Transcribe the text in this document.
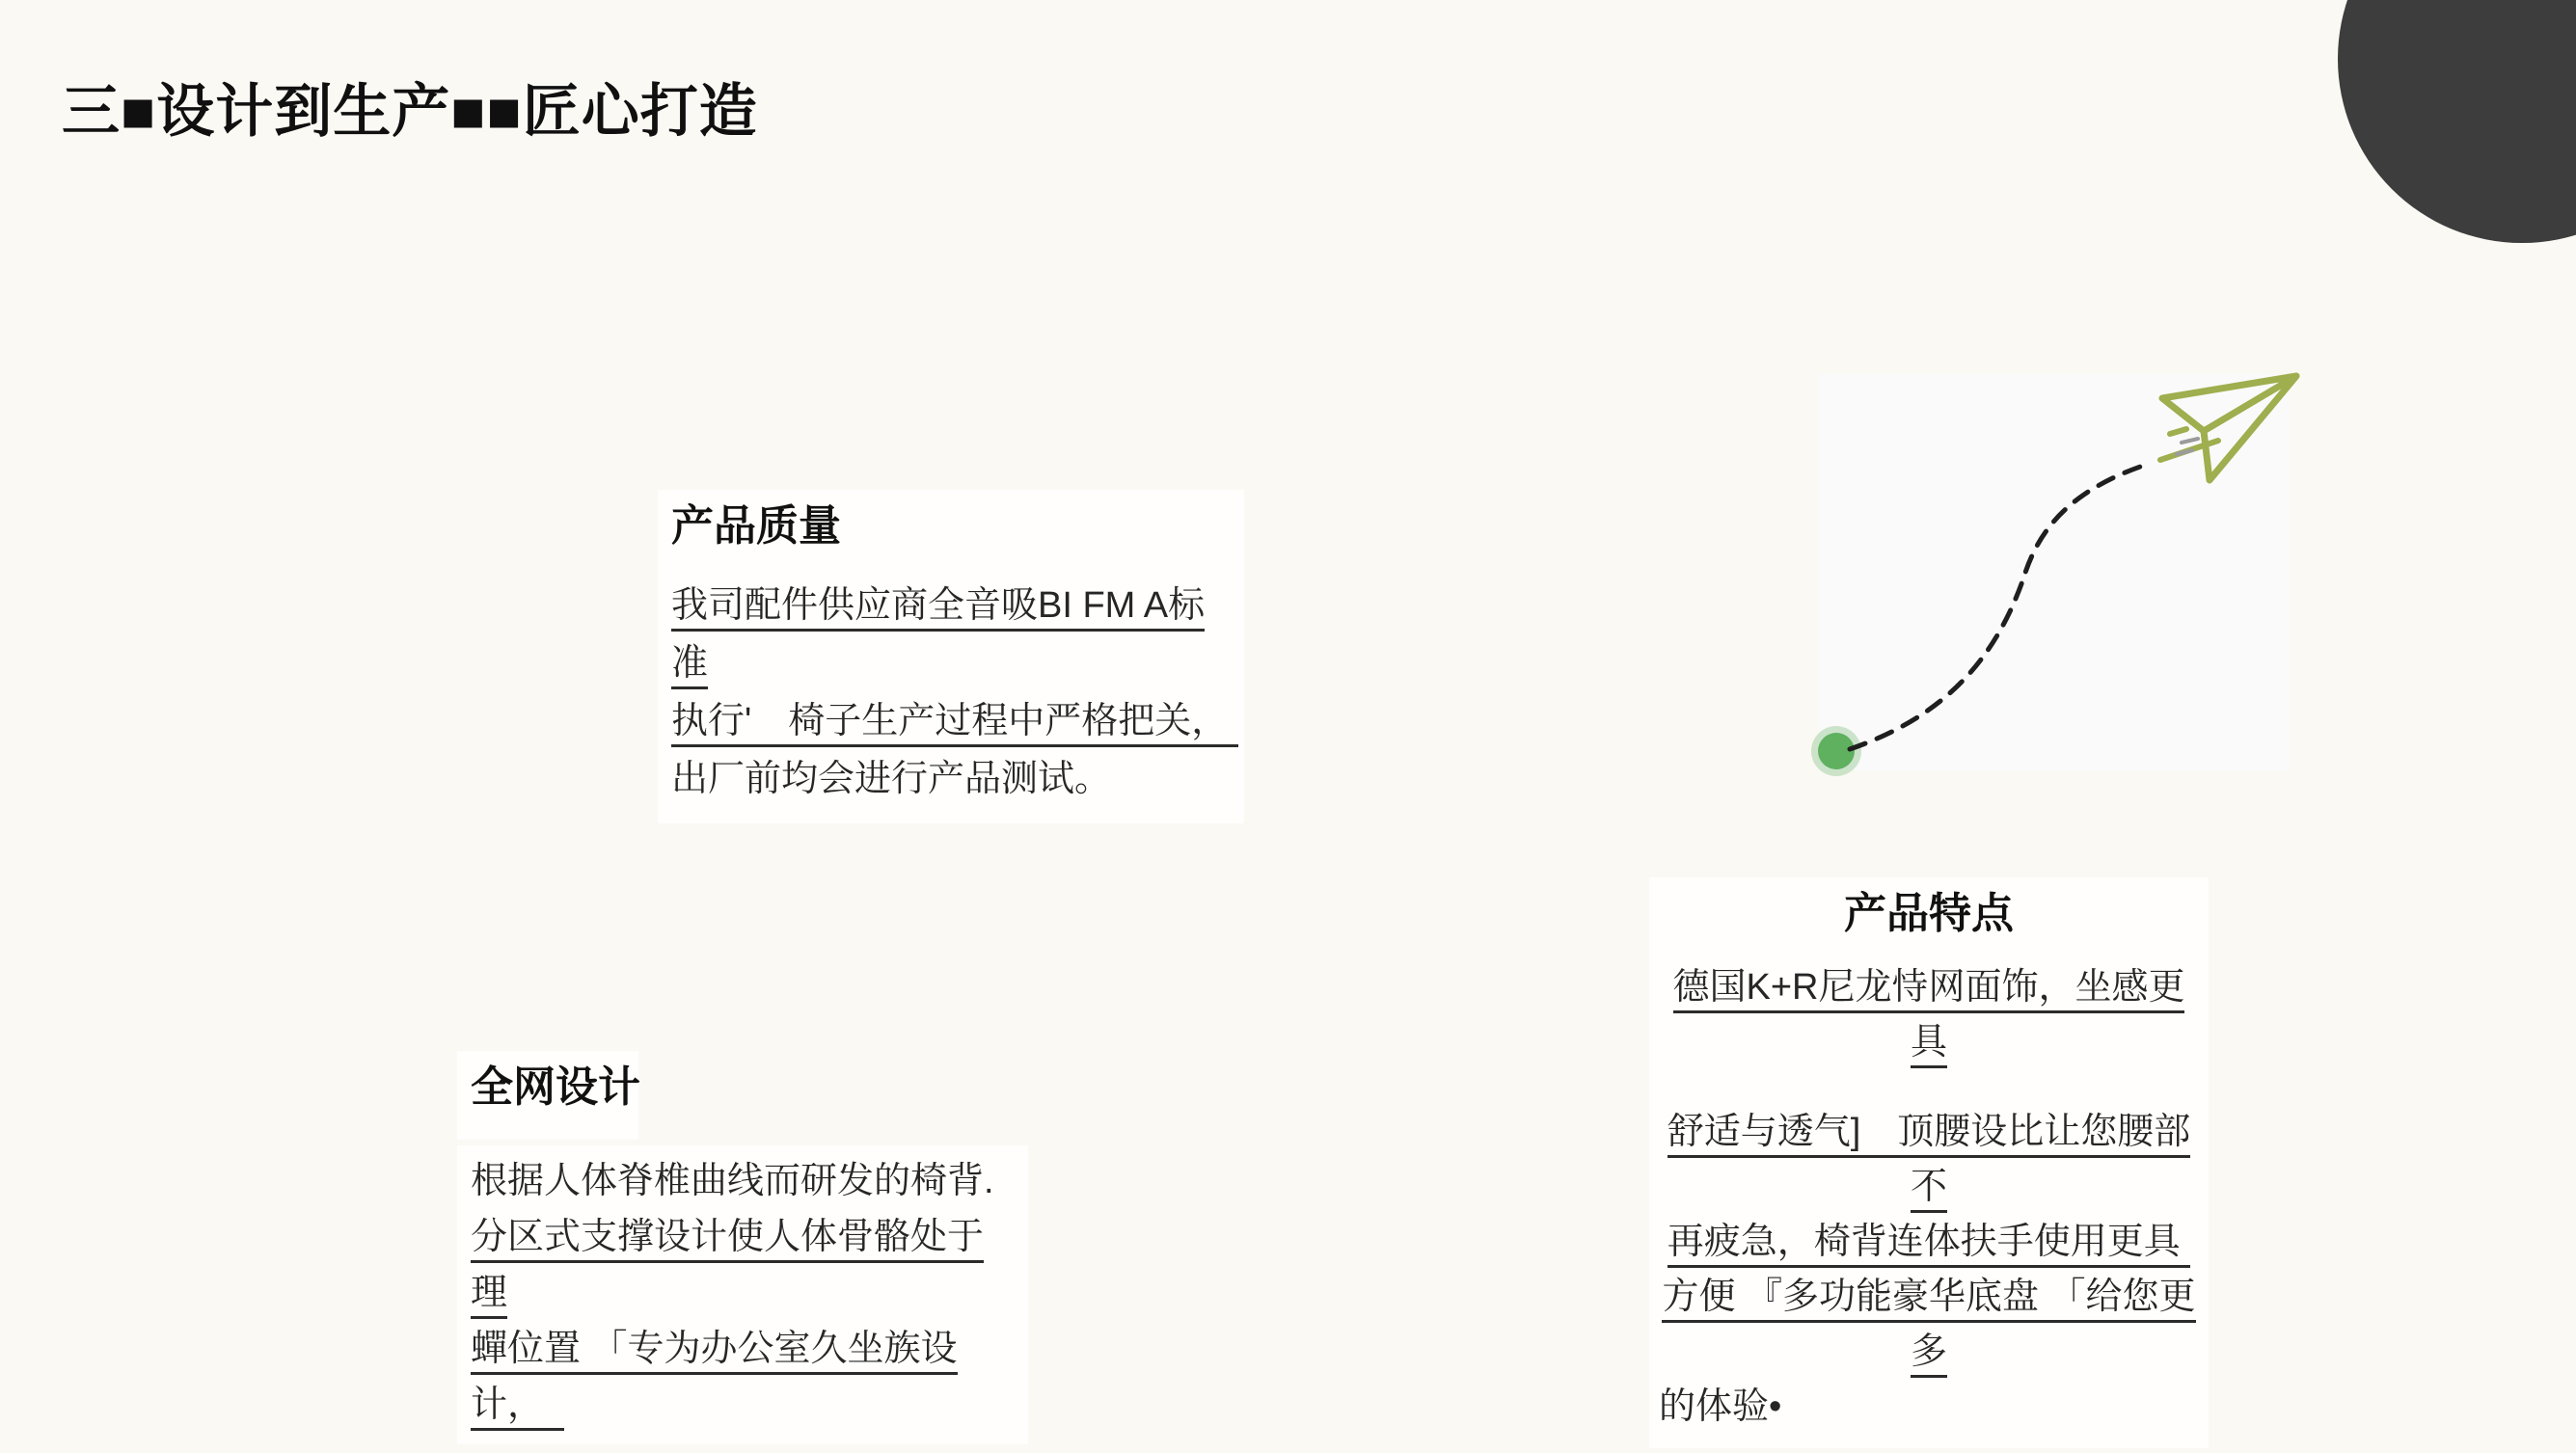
三■设计到生产■■匠心打造
产品质量
我司配件供应商全音吸BI FM A标准
执行'　椅子生产过程中严格把关，
出厂前均会进行产品测试。
产品特点
德国K+R尼龙恃网面饰，坐感更具
舒适与透气]　顶腰设比让您腰部 不
再疲急，椅背连体扶手使用更具
方便 『多功能豪华底盘 「给您更多
的体验•
全网设计
根据人体脊椎曲线而研发的椅背.
分区式支撑设计使人体骨骼处于理
蟬位置 「专为办公室久坐族设计，
